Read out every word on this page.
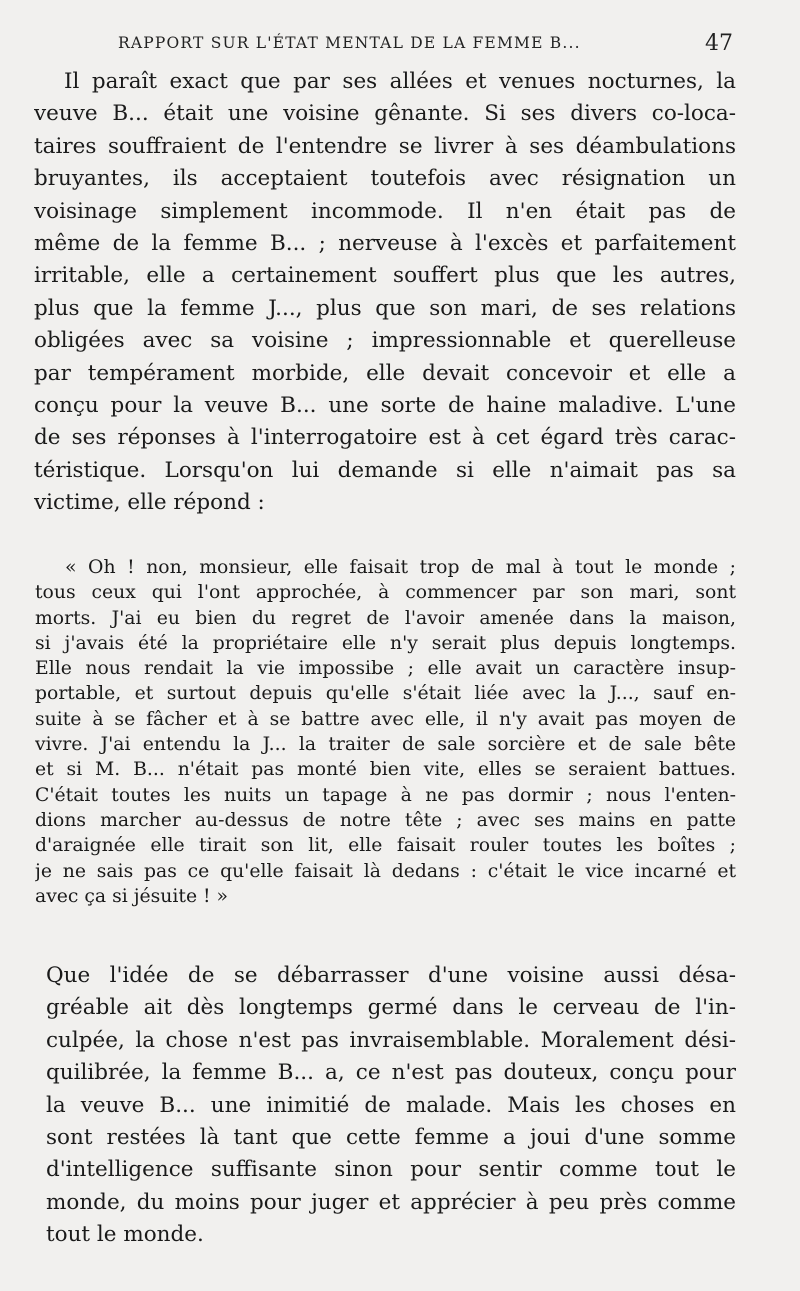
RAPPORT SUR L'ÉTAT MENTAL DE LA FEMME B...	47
Il paraît exact que par ses allées et venues nocturnes, la
veuve B... était une voisine gênante. Si ses divers co-loca-
taires souffraient de l'entendre se livrer à ses déambulations
bruyantes, ils acceptaient toutefois avec résignation un
voisinage simplement incommode. Il n'en était pas de
même de la femme B... ; nerveuse à l'excès et parfaitement
irritable, elle a certainement souffert plus que les autres,
plus que la femme J..., plus que son mari, de ses relations
obligées avec sa voisine ; impressionnable et querelleuse
par tempérament morbide, elle devait concevoir et elle a
conçu pour la veuve B... une sorte de haine maladive. L'une
de ses réponses à l'interrogatoire est à cet égard très carac-
téristique. Lorsqu'on lui demande si elle n'aimait pas sa
victime, elle répond :
« Oh ! non, monsieur, elle faisait trop de mal à tout le monde ;
tous ceux qui l'ont approchée, à commencer par son mari, sont
morts. J'ai eu bien du regret de l'avoir amenée dans la maison,
si j'avais été la propriétaire elle n'y serait plus depuis longtemps.
Elle nous rendait la vie impossibe ; elle avait un caractère insup-
portable, et surtout depuis qu'elle s'était liée avec la J..., sauf en-
suite à se fâcher et à se battre avec elle, il n'y avait pas moyen de
vivre. J'ai entendu la J... la traiter de sale sorcière et de sale bête
et si M. B... n'était pas monté bien vite, elles se seraient battues.
C'était toutes les nuits un tapage à ne pas dormir ; nous l'enten-
dions marcher au-dessus de notre tête ; avec ses mains en patte
d'araignée elle tirait son lit, elle faisait rouler toutes les boîtes ;
je ne sais pas ce qu'elle faisait là dedans : c'était le vice incarné et
avec ça si jésuite ! »
Que l'idée de se débarrasser d'une voisine aussi désa-
gréable ait dès longtemps germé dans le cerveau de l'in-
culpée, la chose n'est pas invraisemblable. Moralement dési-
quilibrée, la femme B... a, ce n'est pas douteux, conçu pour
la veuve B... une inimitié de malade. Mais les choses en
sont restées là tant que cette femme a joui d'une somme
d'intelligence suffisante sinon pour sentir comme tout le
monde, du moins pour juger et apprécier à peu près comme
tout le monde.
